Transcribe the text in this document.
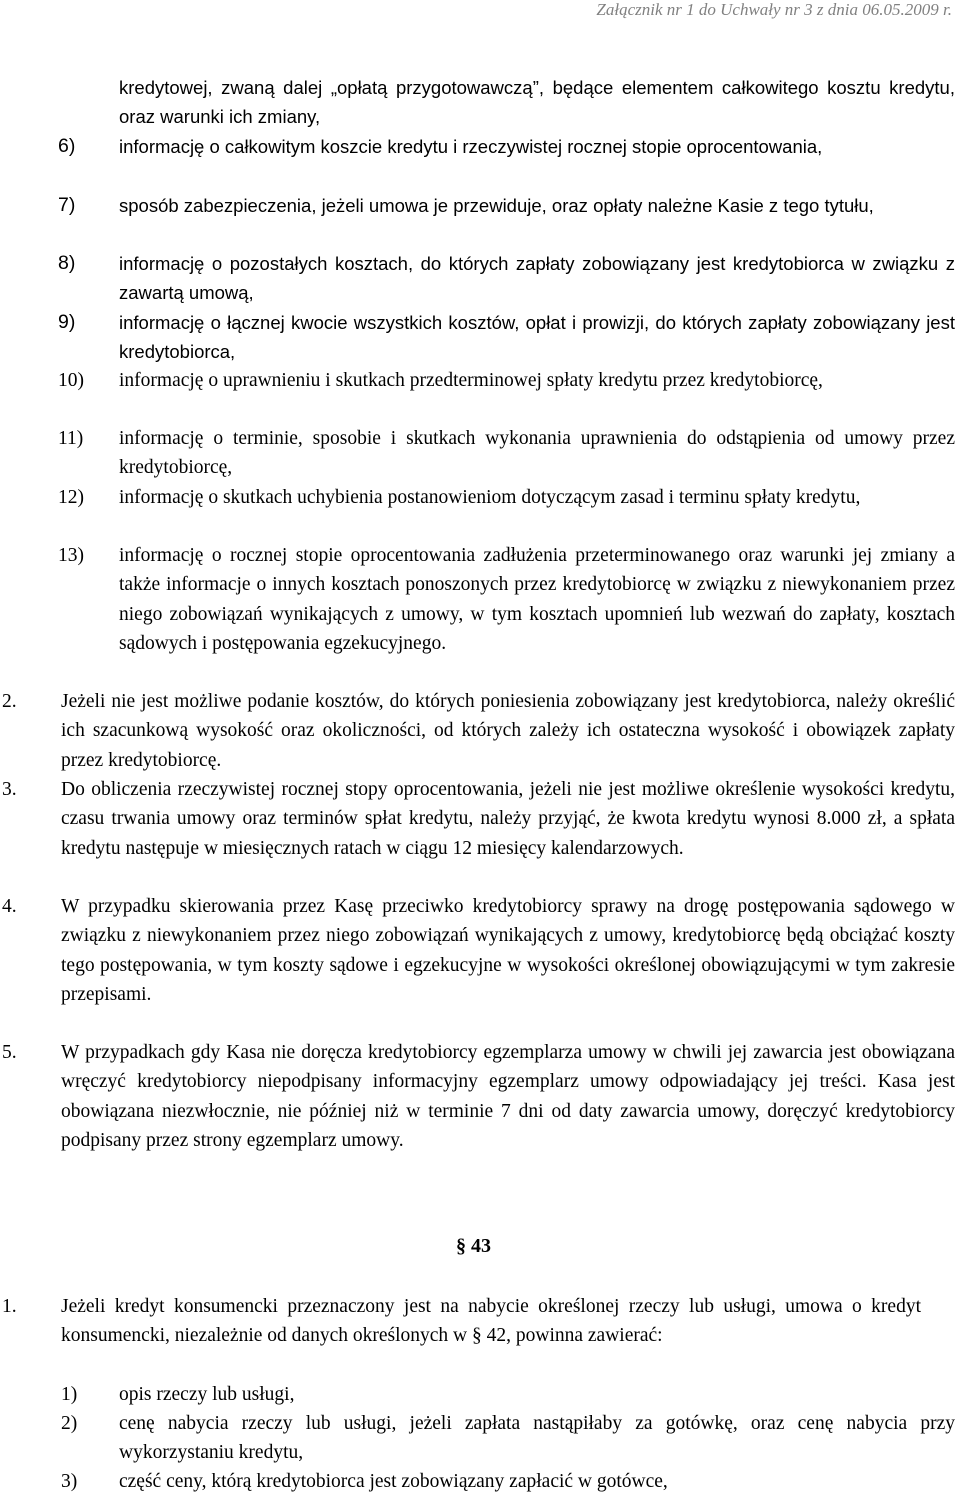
Załącznik nr 1 do Uchwały nr 3 z dnia 06.05.2009 r.
kredytowej, zwaną dalej „opłatą przygotowawczą”, będące elementem całkowitego kosztu kredytu, oraz warunki ich zmiany,
6) informację o całkowitym koszcie kredytu i rzeczywistej rocznej stopie oprocentowania,
7) sposób zabezpieczenia, jeżeli umowa je przewiduje, oraz opłaty należne Kasie z tego tytułu,
8) informację o pozostałych kosztach, do których zapłaty zobowiązany jest kredytobiorca w związku z zawartą umową,
9) informację o łącznej kwocie wszystkich kosztów, opłat i prowizji, do których zapłaty zobowiązany jest kredytobiorca,
10) informację o uprawnieniu i skutkach przedterminowej spłaty kredytu przez kredytobiorcę,
11) informację o terminie, sposobie i skutkach wykonania uprawnienia do odstąpienia od umowy przez kredytobiorcę,
12) informację o skutkach uchybienia postanowieniom dotyczącym zasad i terminu spłaty kredytu,
13) informację o rocznej stopie oprocentowania zadłużenia przeterminowanego oraz warunki jej zmiany a także informacje o innych kosztach ponoszonych przez kredytobiorcę w związku z niewykonaniem przez niego zobowiązań wynikających z umowy, w tym kosztach upomnień lub wezwań do zapłaty, kosztach sądowych i postępowania egzekucyjnego.
2. Jeżeli nie jest możliwe podanie kosztów, do których poniesienia zobowiązany jest kredytobiorca, należy określić ich szacunkową wysokość oraz okoliczności, od których zależy ich ostateczna wysokość i obowiązek zapłaty przez kredytobiorcę.
3. Do obliczenia rzeczywistej rocznej stopy oprocentowania, jeżeli nie jest możliwe określenie wysokości kredytu, czasu trwania umowy oraz terminów spłat kredytu, należy przyjąć, że kwota kredytu wynosi 8.000 zł, a spłata kredytu następuje w miesięcznych ratach w ciągu 12 miesięcy kalendarzowych.
4. W przypadku skierowania przez Kasę przeciwko kredytobiorcy sprawy na drogę postępowania sądowego w związku z niewykonaniem przez niego zobowiązań wynikających z umowy, kredytobiorcę będą obciążać koszty tego postępowania, w tym koszty sądowe i egzekucyjne w wysokości określonej obowiązującymi w tym zakresie przepisami.
5. W przypadkach gdy Kasa nie doręcza kredytobiorcy egzemplarza umowy w chwili jej zawarcia jest obowiązana wręczyć kredytobiorcy niepodpisany informacyjny egzemplarz umowy odpowiadający jej treści. Kasa jest obowiązana niezwłocznie, nie później niż w terminie 7 dni od daty zawarcia umowy, doręczyć kredytobiorcy podpisany przez strony egzemplarz umowy.
§ 43
1. Jeżeli kredyt konsumencki przeznaczony jest na nabycie określonej rzeczy lub usługi, umowa o kredyt konsumencki, niezależnie od danych określonych w § 42, powinna zawierać:
1) opis rzeczy lub usługi,
2) cenę nabycia rzeczy lub usługi, jeżeli zapłata nastąpiłaby za gotówkę, oraz cenę nabycia przy wykorzystaniu kredytu,
3) część ceny, którą kredytobiorca jest zobowiązany zapłacić w gotówce,
